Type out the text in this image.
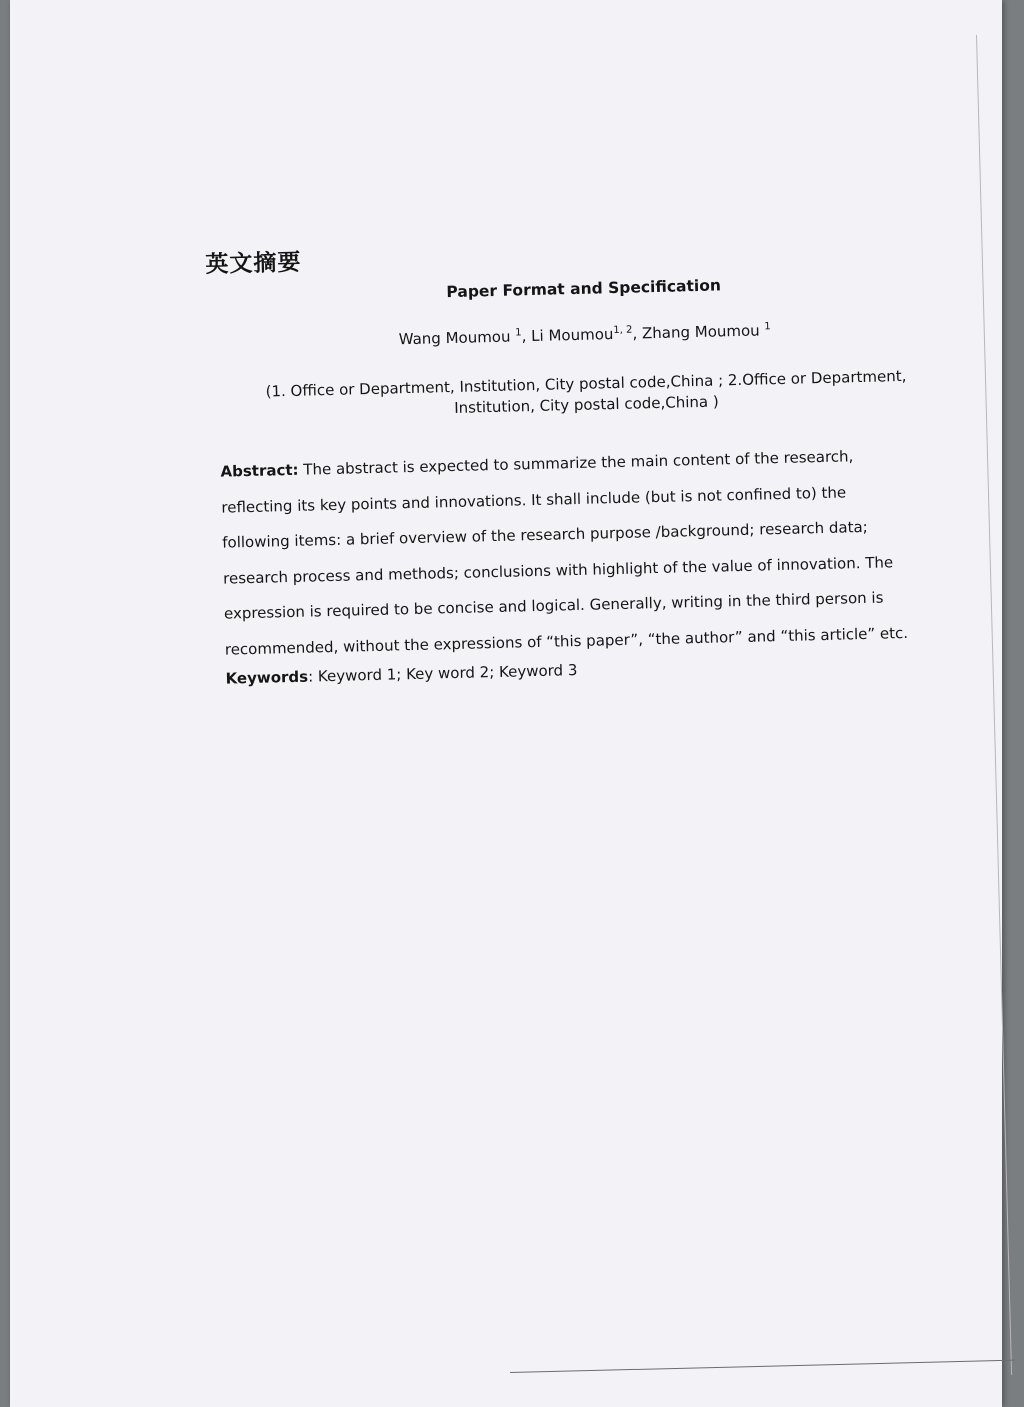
英文摘要
Paper Format and Specification
Wang Moumou $^1$, Li Moumou$^{1, 2}$, Zhang Moumou $^1$
(1. Office or Department, Institution, City postal code,China ; 2.Office or Department, Institution, City postal code,China )

Abstract: The abstract is expected to summarize the main content of the research, reflecting its key points and innovations. It shall include (but is not confined to) the following items: a brief overview of the research purpose /background; research data; research process and methods; conclusions with highlight of the value of innovation. The expression is required to be concise and logical. Generally, writing in the third person is recommended, without the expressions of “this paper”, “the author” and “this article” etc.

Keywords: Keyword 1; Key word 2; Keyword 3
